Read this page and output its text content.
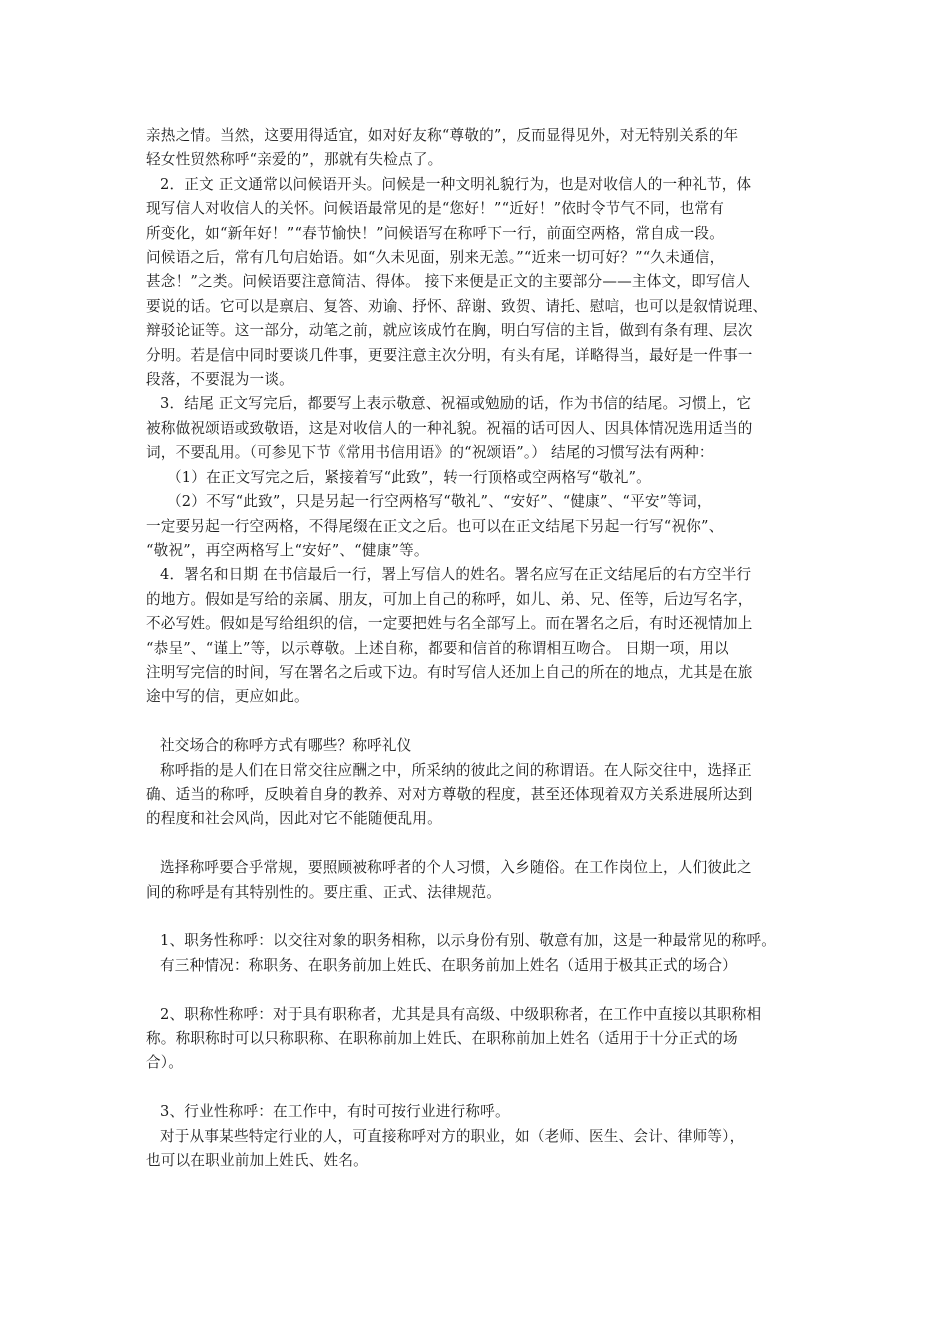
亲热之情。当然，这要用得适宜，如对好友称“尊敬的”，反而显得见外，对无特别关系的年
轻女性贸然称呼“亲爱的”，那就有失检点了。
2．正文 正文通常以问候语开头。问候是一种文明礼貌行为，也是对收信人的一种礼节，体
现写信人对收信人的关怀。问候语最常见的是“您好！”“近好！”依时令节气不同，也常有
所变化，如“新年好！”“春节愉快！”问候语写在称呼下一行，前面空两格，常自成一段。
问候语之后，常有几句启始语。如“久未见面，别来无恙。”“近来一切可好？”“久未通信，
甚念！”之类。问候语要注意简洁、得体。 接下来便是正文的主要部分——主体文，即写信人
要说的话。它可以是禀启、复答、劝谕、抒怀、辞谢、致贺、请托、慰唁，也可以是叙情说理、
辩驳论证等。这一部分，动笔之前，就应该成竹在胸，明白写信的主旨，做到有条有理、层次
分明。若是信中同时要谈几件事，更要注意主次分明，有头有尾，详略得当，最好是一件事一
段落，不要混为一谈。
3．结尾 正文写完后，都要写上表示敬意、祝福或勉励的话，作为书信的结尾。习惯上，它
被称做祝颂语或致敬语，这是对收信人的一种礼貌。祝福的话可因人、因具体情况选用适当的
词，不要乱用。（可参见下节《常用书信用语》的“祝颂语”。） 结尾的习惯写法有两种：
（1）在正文写完之后，紧接着写“此致”，转一行顶格或空两格写“敬礼”。
（2）不写“此致”，只是另起一行空两格写“敬礼”、“安好”、“健康”、“平安”等词，
一定要另起一行空两格，不得尾缀在正文之后。也可以在正文结尾下另起一行写“祝你”、
“敬祝”，再空两格写上“安好”、“健康”等。
4．署名和日期 在书信最后一行，署上写信人的姓名。署名应写在正文结尾后的右方空半行
的地方。假如是写给的亲属、朋友，可加上自己的称呼，如儿、弟、兄、侄等，后边写名字，
不必写姓。假如是写给组织的信，一定要把姓与名全部写上。而在署名之后，有时还视情加上
“恭呈”、“谨上”等，以示尊敬。上述自称，都要和信首的称谓相互吻合。 日期一项，用以
注明写完信的时间，写在署名之后或下边。有时写信人还加上自己的所在的地点，尤其是在旅
途中写的信，更应如此。
社交场合的称呼方式有哪些？称呼礼仪
称呼指的是人们在日常交往应酬之中，所采纳的彼此之间的称谓语。在人际交往中，选择正
确、适当的称呼，反映着自身的教养、对对方尊敬的程度，甚至还体现着双方关系进展所达到
的程度和社会风尚，因此对它不能随便乱用。
选择称呼要合乎常规，要照顾被称呼者的个人习惯，入乡随俗。在工作岗位上，人们彼此之
间的称呼是有其特别性的。要庄重、正式、法律规范。
1、职务性称呼：以交往对象的职务相称，以示身份有别、敬意有加，这是一种最常见的称呼。
有三种情况：称职务、在职务前加上姓氏、在职务前加上姓名（适用于极其正式的场合）
2、职称性称呼：对于具有职称者，尤其是具有高级、中级职称者，在工作中直接以其职称相
称。称职称时可以只称职称、在职称前加上姓氏、在职称前加上姓名（适用于十分正式的场
合）。
3、行业性称呼：在工作中，有时可按行业进行称呼。
对于从事某些特定行业的人，可直接称呼对方的职业，如（老师、医生、会计、律师等），
也可以在职业前加上姓氏、姓名。
